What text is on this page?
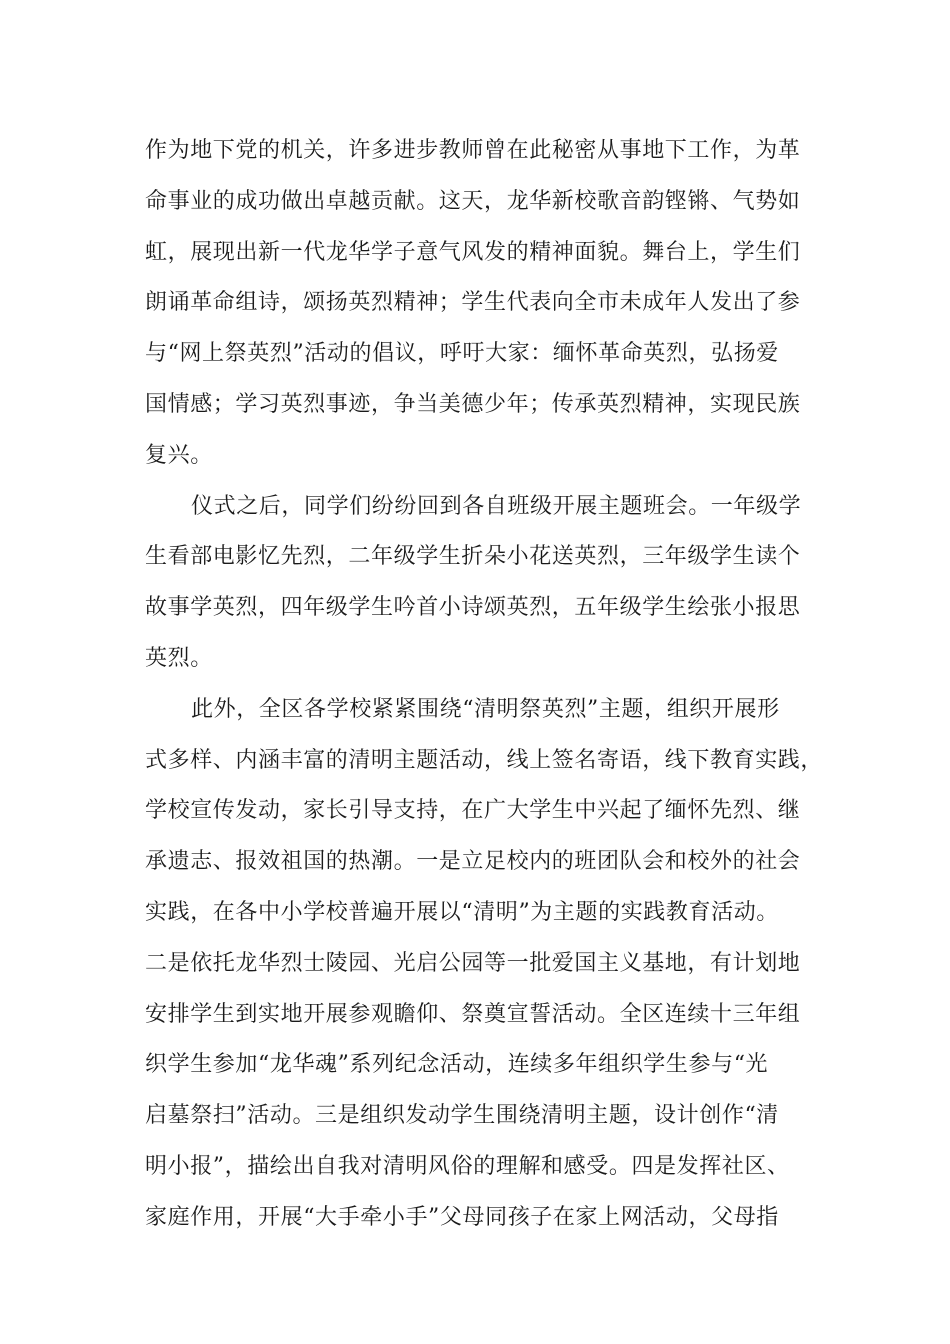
作为地下党的机关，许多进步教师曾在此秘密从事地下工作，为革
命事业的成功做出卓越贡献。这天，龙华新校歌音韵铿锵、气势如
虹，展现出新一代龙华学子意气风发的精神面貌。舞台上，学生们
朗诵革命组诗，颂扬英烈精神；学生代表向全市未成年人发出了参
与“网上祭英烈”活动的倡议，呼吁大家：缅怀革命英烈，弘扬爱
国情感；学习英烈事迹，争当美德少年；传承英烈精神，实现民族
复兴。
仪式之后，同学们纷纷回到各自班级开展主题班会。一年级学
生看部电影忆先烈，二年级学生折朵小花送英烈，三年级学生读个
故事学英烈，四年级学生吟首小诗颂英烈，五年级学生绘张小报思
英烈。
此外，全区各学校紧紧围绕“清明祭英烈”主题，组织开展形
式多样、内涵丰富的清明主题活动，线上签名寄语，线下教育实践，
学校宣传发动，家长引导支持，在广大学生中兴起了缅怀先烈、继
承遗志、报效祖国的热潮。一是立足校内的班团队会和校外的社会
实践，在各中小学校普遍开展以“清明”为主题的实践教育活动。
二是依托龙华烈士陵园、光启公园等一批爱国主义基地，有计划地
安排学生到实地开展参观瞻仰、祭奠宣誓活动。全区连续十三年组
织学生参加“龙华魂”系列纪念活动，连续多年组织学生参与“光
启墓祭扫”活动。三是组织发动学生围绕清明主题，设计创作“清
明小报”，描绘出自我对清明风俗的理解和感受。四是发挥社区、
家庭作用，开展“大手牵小手”父母同孩子在家上网活动，父母指
